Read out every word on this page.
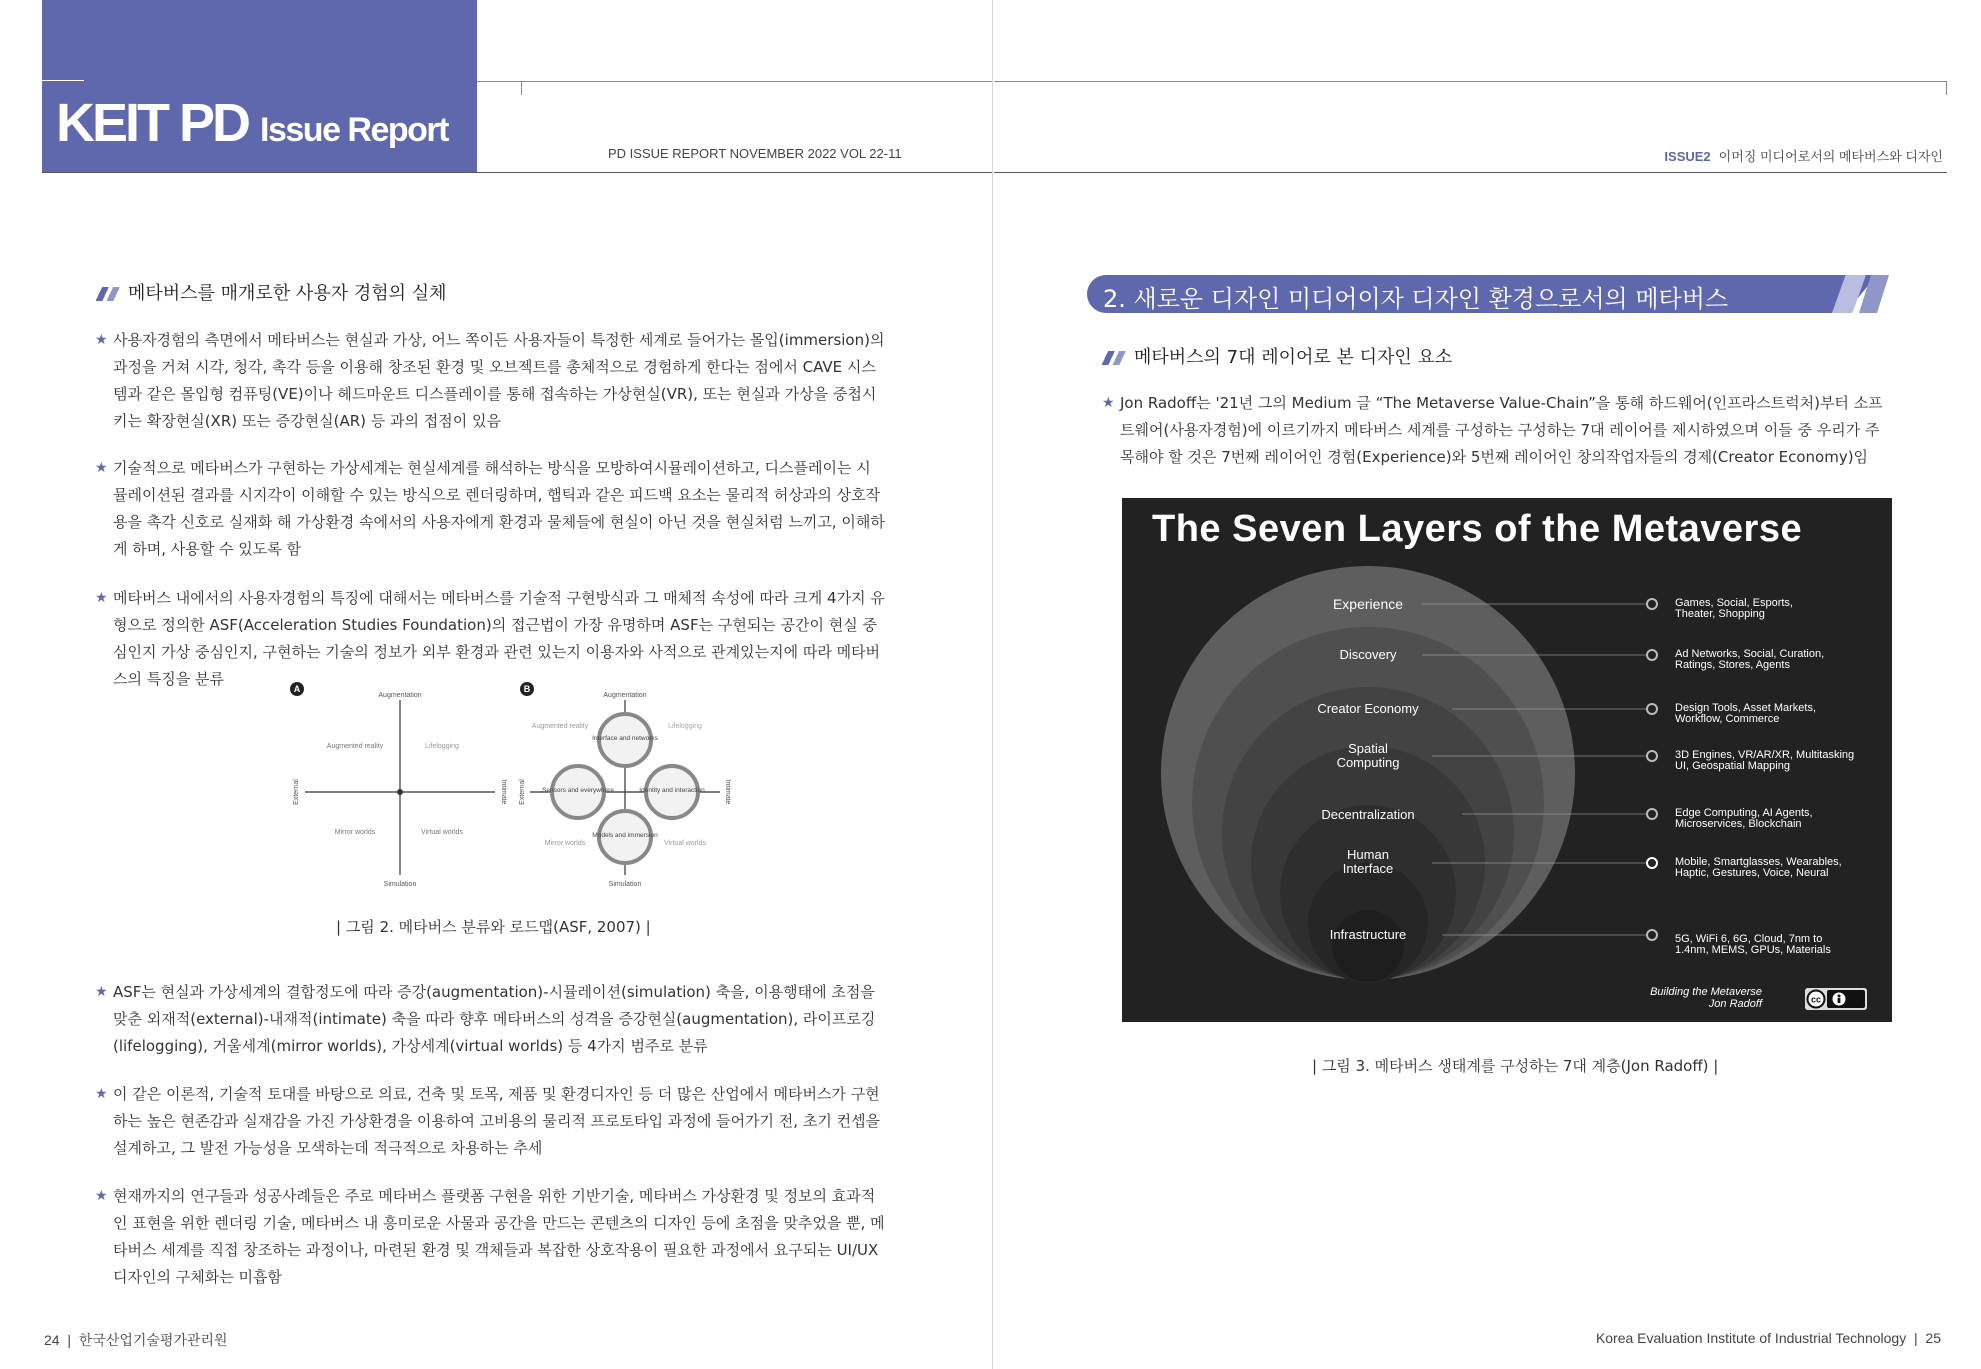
KEIT PD Issue Report
PD ISSUE REPORT NOVEMBER 2022 VOL 22-11	ISSUE2 이머징 미디어로서의 메타버스와 디자인
메타버스를 매개로한 사용자 경험의 실체
★ 사용자경험의 측면에서 메타버스는 현실과 가상, 어느 쪽이든 사용자들이 특정한 세계로 들어가는 몰입(immersion)의 과정을 거쳐 시각, 청각, 촉각 등을 이용해 창조된 환경 및 오브젝트를 총체적으로 경험하게 한다는 점에서 CAVE 시스템과 같은 몰입형 컴퓨팅(VE)이나 헤드마운트 디스플레이를 통해 접속하는 가상현실(VR), 또는 현실과 가상을 중첩시키는 확장현실(XR) 또는 증강현실(AR) 등 과의 접점이 있음
★ 기술적으로 메타버스가 구현하는 가상세계는 현실세계를 해석하는 방식을 모방하여시뮬레이션하고, 디스플레이는 시뮬레이션된 결과를 시지각이 이해할 수 있는 방식으로 렌더링하며, 햅틱과 같은 피드백 요소는 물리적 허상과의 상호작용을 촉각 신호로 실재화 해 가상환경 속에서의 사용자에게 환경과 물체들에 현실이 아닌 것을 현실처럼 느끼고, 이해하게 하며, 사용할 수 있도록 함
★ 메타버스 내에서의 사용자경험의 특징에 대해서는 메타버스를 기술적 구현방식과 그 매체적 속성에 따라 크게 4가지 유형으로 정의한 ASF(Acceleration Studies Foundation)의 접근법이 가장 유명하며 ASF는 구현되는 공간이 현실 중심인지 가상 중심인지, 구현하는 기술의 정보가 외부 환경과 관련 있는지 이용자와 사적으로 관계있는지에 따라 메타버스의 특징을 분류
A
Augmentation
Simulation
External	Intimate
Augmented reality	Lifelogging
Mirror worlds	Virtual worlds
B
Augmentation
Simulation
External	Intimate
Augmented reality	Lifelogging
Mirror worlds	Virtual worlds
Interface and networks
Sensors and everywhere	Identity and interaction
Models and immersion
| 그림 2. 메타버스 분류와 로드맵(ASF, 2007) |
★ ASF는 현실과 가상세계의 결합정도에 따라 증강(augmentation)-시뮬레이션(simulation) 축을, 이용행태에 초점을 맞춘 외재적(external)-내재적(intimate) 축을 따라 향후 메타버스의 성격을 증강현실(augmentation), 라이프로깅(lifelogging), 거울세계(mirror worlds), 가상세계(virtual worlds) 등 4가지 범주로 분류
★ 이 같은 이론적, 기술적 토대를 바탕으로 의료, 건축 및 토목, 제품 및 환경디자인 등 더 많은 산업에서 메타버스가 구현하는 높은 현존감과 실재감을 가진 가상환경을 이용하여 고비용의 물리적 프로토타입 과정에 들어가기 전, 초기 컨셉을 설계하고, 그 발전 가능성을 모색하는데 적극적으로 차용하는 추세
★ 현재까지의 연구들과 성공사례들은 주로 메타버스 플랫폼 구현을 위한 기반기술, 메타버스 가상환경 및 정보의 효과적인 표현을 위한 렌더링 기술, 메타버스 내 흥미로운 사물과 공간을 만드는 콘텐츠의 디자인 등에 초점을 맞추었을 뿐, 메타버스 세계를 직접 창조하는 과정이나, 마련된 환경 및 객체들과 복잡한 상호작용이 필요한 과정에서 요구되는 UI/UX 디자인의 구체화는 미흡함
24  |  한국산업기술평가관리원
2. 새로운 디자인 미디어이자 디자인 환경으로서의 메타버스
메타버스의 7대 레이어로 본 디자인 요소
★ Jon Radoff는 '21년 그의 Medium 글 “The Metaverse Value-Chain”을 통해 하드웨어(인프라스트럭처)부터 소프트웨어(사용자경험)에 이르기까지 메타버스 세계를 구성하는 구성하는 7대 레이어를 제시하였으며 이들 중 우리가 주목해야 할 것은 7번째 레이어인 경험(Experience)와 5번째 레이어인 창의작업자들의 경제(Creator Economy)임
The Seven Layers of the Metaverse
Experience
Discovery
Creator Economy
Spatial Computing
Decentralization
Human Interface
Infrastructure
Games, Social, Esports,
Theater, Shopping
Ad Networks, Social, Curation,
Ratings, Stores, Agents
Design Tools, Asset Markets,
Workflow, Commerce
3D Engines, VR/AR/XR, Multitasking
UI, Geospatial Mapping
Edge Computing, AI Agents,
Microservices, Blockchain
Mobile, Smartglasses, Wearables,
Haptic, Gestures, Voice, Neural
5G, WiFi 6, 6G, Cloud, 7nm to
1.4nm, MEMS, GPUs, Materials
Building the Metaverse
Jon Radoff	cc
| 그림 3. 메타버스 생태계를 구성하는 7대 계층(Jon Radoff) |
Korea Evaluation Institute of Industrial Technology  |  25
